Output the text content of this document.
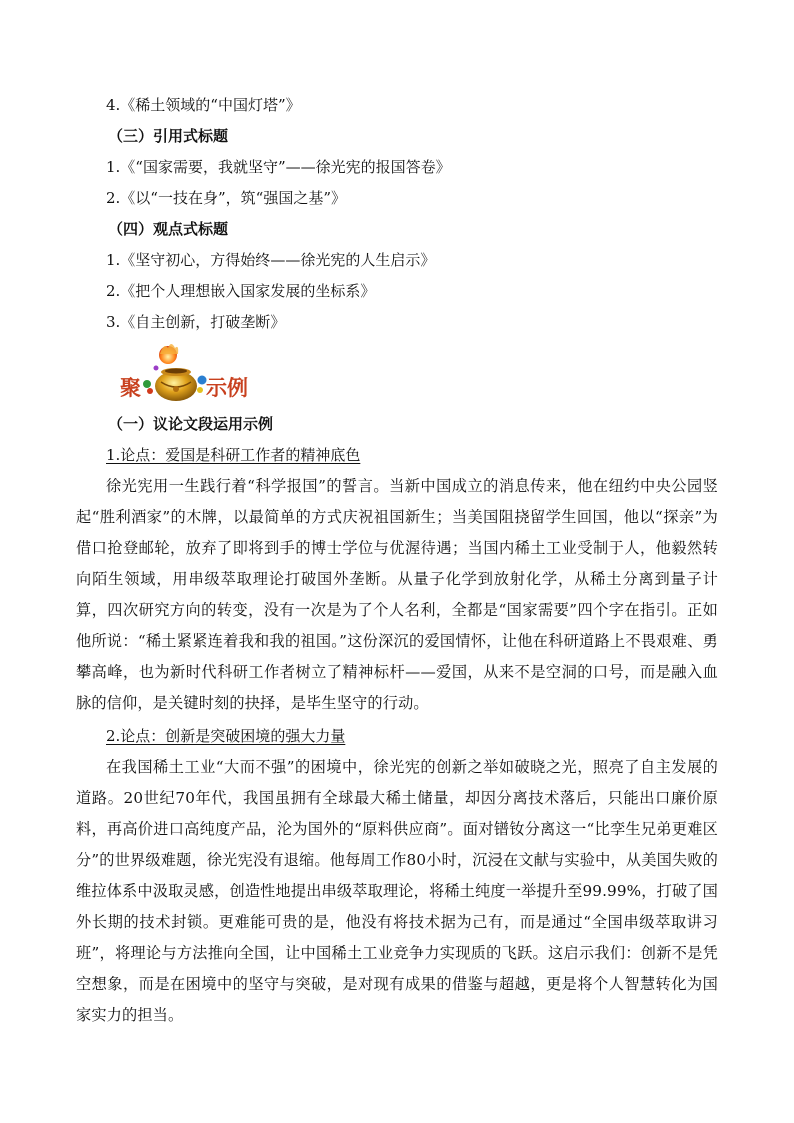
4.《稀土领域的“中国灯塔”》
（三）引用式标题
1.《“国家需要，我就坚守”——徐光宪的报国答卷》
2.《以“一技在身”，筑“强国之基”》
（四）观点式标题
1.《坚守初心，方得始终——徐光宪的人生启示》
2.《把个人理想嵌入国家发展的坐标系》
3.《自主创新，打破垄断》
聚	示例
（一）议论文段运用示例
1.论点：爱国是科研工作者的精神底色
徐光宪用一生践行着“科学报国”的誓言。当新中国成立的消息传来，他在纽约中央公园竖起“胜利酒家”的木牌，以最简单的方式庆祝祖国新生；当美国阻挠留学生回国，他以“探亲”为借口抢登邮轮，放弃了即将到手的博士学位与优渥待遇；当国内稀土工业受制于人，他毅然转向陌生领域，用串级萃取理论打破国外垄断。从量子化学到放射化学，从稀土分离到量子计算，四次研究方向的转变，没有一次是为了个人名利，全都是“国家需要”四个字在指引。正如他所说：“稀土紧紧连着我和我的祖国。”这份深沉的爱国情怀，让他在科研道路上不畏艰难、勇攀高峰，也为新时代科研工作者树立了精神标杆——爱国，从来不是空洞的口号，而是融入血脉的信仰，是关键时刻的抉择，是毕生坚守的行动。
2.论点：创新是突破困境的强大力量
在我国稀土工业“大而不强”的困境中，徐光宪的创新之举如破晓之光，照亮了自主发展的道路。20世纪70年代，我国虽拥有全球最大稀土储量，却因分离技术落后，只能出口廉价原料，再高价进口高纯度产品，沦为国外的“原料供应商”。面对镨钕分离这一“比孪生兄弟更难区分”的世界级难题，徐光宪没有退缩。他每周工作80小时，沉浸在文献与实验中，从美国失败的维拉体系中汲取灵感，创造性地提出串级萃取理论，将稀土纯度一举提升至99.99%，打破了国外长期的技术封锁。更难能可贵的是，他没有将技术据为己有，而是通过“全国串级萃取讲习班”，将理论与方法推向全国，让中国稀土工业竞争力实现质的飞跃。这启示我们：创新不是凭空想象，而是在困境中的坚守与突破，是对现有成果的借鉴与超越，更是将个人智慧转化为国家实力的担当。
